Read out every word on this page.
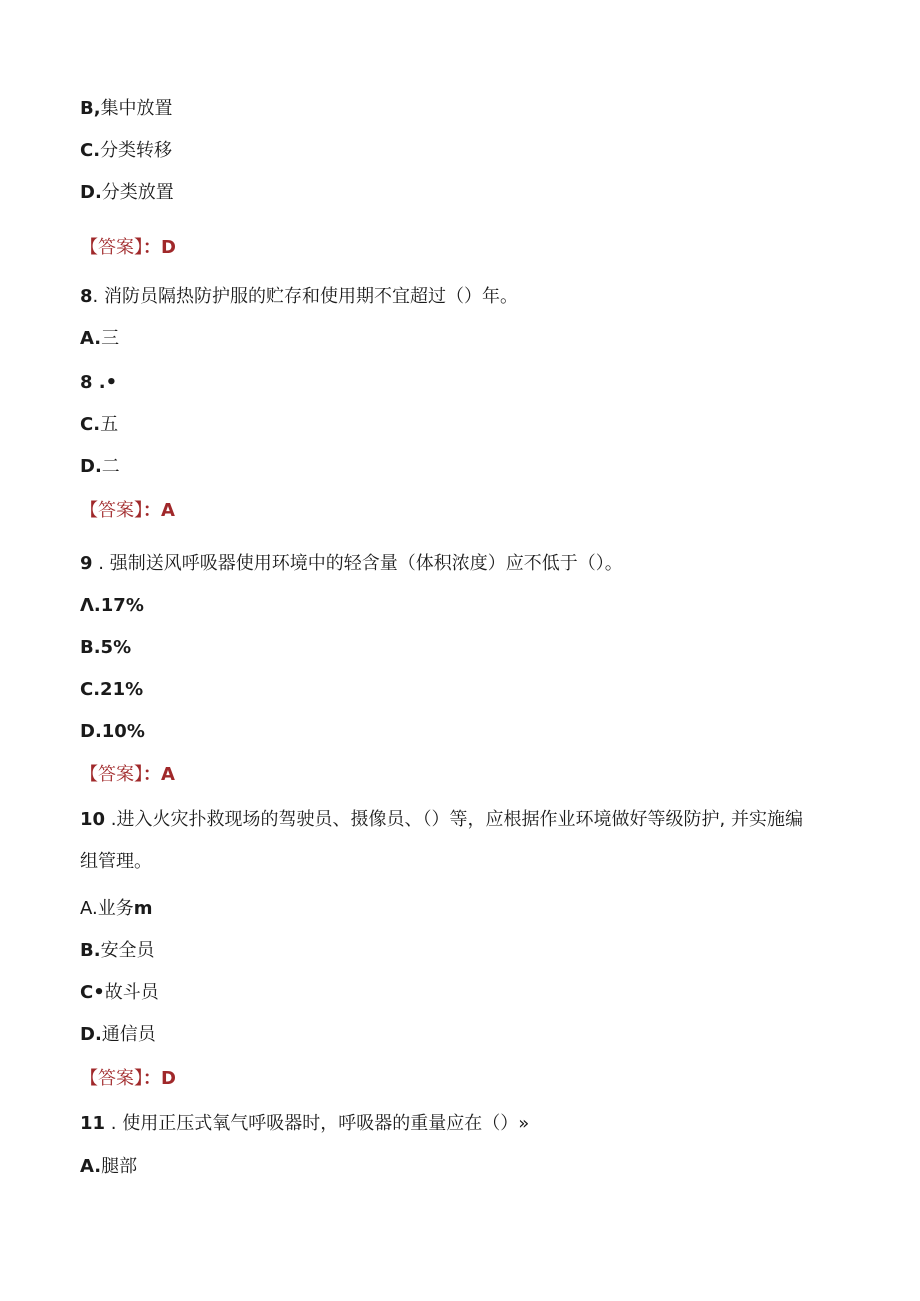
B,集中放置
C.分类转移
D.分类放置
【答案】：D
8. 消防员隔热防护服的贮存和使用期不宜超过（）年。
A.三
8 .•
C.五
D.二
【答案】：A
9 . 强制送风呼吸器使用环境中的轻含量（体积浓度）应不低于（）。
Λ.17%
B.5%
C.21%
D.10%
【答案】：A
10 .进入火灾扑救现场的驾驶员、摄像员、（）等，应根据作业环境做好等级防护, 并实施编
组管理。
A.业务m
B.安全员
C•故斗员
D.通信员
【答案】：D
11 . 使用正压式氧气呼吸器时，呼吸器的重量应在（）»
A.腿部
